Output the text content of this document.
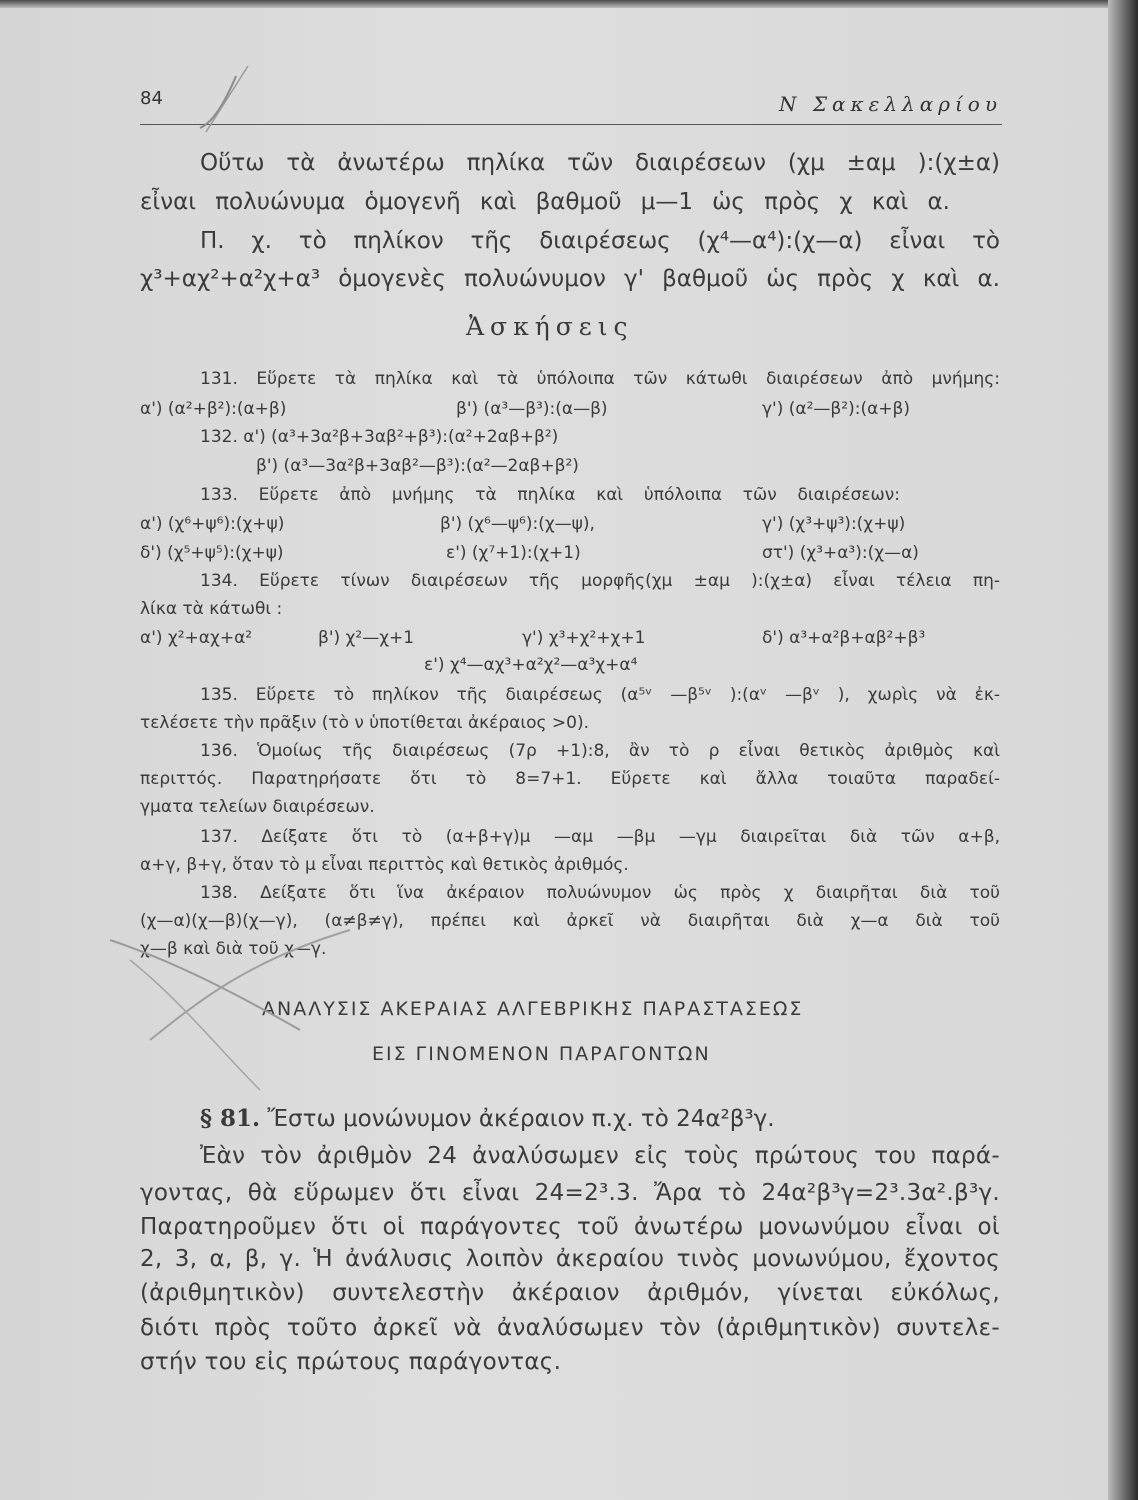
84	Ν Σακελλαρίου
Οὕτω τὰ ἀνωτέρω πηλίκα τῶν διαιρέσεων (χμ ±αμ ):(χ±α)
εἶναι πολυώνυμα ὁμογενῆ καὶ βαθμοῦ μ—1 ὡς πρὸς χ καὶ α.
Π. χ. τὸ πηλίκον τῆς διαιρέσεως (χ⁴—α⁴):(χ—α) εἶναι τὸ
χ³+αχ²+α²χ+α³ ὁμογενὲς πολυώνυμον γ' βαθμοῦ ὡς πρὸς χ καὶ α.
Ἀσκήσεις
131. Εὕρετε τὰ πηλίκα καὶ τὰ ὑπόλοιπα τῶν κάτωθι διαιρέσεων ἀπὸ μνήμης:
α') (α²+β²):(α+β)	β') (α³—β³):(α—β)	γ') (α²—β²):(α+β)
132. α') (α³+3α²β+3αβ²+β³):(α²+2αβ+β²)
β') (α³—3α²β+3αβ²—β³):(α²—2αβ+β²)
133. Εὕρετε ἀπὸ μνήμης τὰ πηλίκα καὶ ὑπόλοιπα τῶν διαιρέσεων:
α') (χ⁶+ψ⁶):(χ+ψ)	β') (χ⁶—ψ⁶):(χ—ψ),	γ') (χ³+ψ³):(χ+ψ)
δ') (χ⁵+ψ⁵):(χ+ψ)	ε') (χ⁷+1):(χ+1)	στ') (χ³+α³):(χ—α)
134. Εὕρετε τίνων διαιρέσεων τῆς μορφῆς(χμ ±αμ ):(χ±α) εἶναι τέλεια πη-
λίκα τὰ κάτωθι :
α') χ²+αχ+α²	β') χ²—χ+1	γ') χ³+χ²+χ+1	δ') α³+α²β+αβ²+β³
ε') χ⁴—αχ³+α²χ²—α³χ+α⁴
135. Εὕρετε τὸ πηλίκον τῆς διαιρέσεως (α⁵ᵛ —β⁵ᵛ ):(αᵛ —βᵛ ), χωρὶς νὰ ἐκ-
τελέσετε τὴν πρᾶξιν (τὸ ν ὑποτίθεται ἀκέραιος >0).
136. Ὁμοίως τῆς διαιρέσεως (7ρ +1):8, ἂν τὸ ρ εἶναι θετικὸς ἀριθμὸς καὶ
περιττός. Παρατηρήσατε ὅτι τὸ 8=7+1. Εὕρετε καὶ ἄλλα τοιαῦτα παραδεί-
γματα τελείων διαιρέσεων.
137. Δείξατε ὅτι τὸ (α+β+γ)μ —αμ —βμ —γμ διαιρεῖται διὰ τῶν α+β,
α+γ, β+γ, ὅταν τὸ μ εἶναι περιττὸς καὶ θετικὸς ἀριθμός.
138. Δείξατε ὅτι ἵνα ἀκέραιον πολυώνυμον ὡς πρὸς χ διαιρῆται διὰ τοῦ
(χ—α)(χ—β)(χ—γ), (α≠β≠γ), πρέπει καὶ ἀρκεῖ νὰ διαιρῆται διὰ χ—α διὰ τοῦ
χ—β καὶ διὰ τοῦ χ—γ.
ΑΝΑΛΥΣΙΣ ΑΚΕΡΑΙΑΣ ΑΛΓΕΒΡΙΚΗΣ ΠΑΡΑΣΤΑΣΕΩΣ
ΕΙΣ ΓΙΝΟΜΕΝΟΝ ΠΑΡΑΓΟΝΤΩΝ
§ 81. Ἔστω μονώνυμον ἀκέραιον π.χ. τὸ 24α²β³γ.
Ἐὰν τὸν ἀριθμὸν 24 ἀναλύσωμεν εἰς τοὺς πρώτους του παρά-
γοντας, θὰ εὕρωμεν ὅτι εἶναι 24=2³.3. Ἄρα τὸ 24α²β³γ=2³.3α².β³γ.
Παρατηροῦμεν ὅτι οἱ παράγοντες τοῦ ἀνωτέρω μονωνύμου εἶναι οἱ
2, 3, α, β, γ. Ἡ ἀνάλυσις λοιπὸν ἀκεραίου τινὸς μονωνύμου, ἔχοντος
(ἀριθμητικὸν) συντελεστὴν ἀκέραιον ἀριθμόν, γίνεται εὐκόλως,
διότι πρὸς τοῦτο ἀρκεῖ νὰ ἀναλύσωμεν τὸν (ἀριθμητικὸν) συντελε-
στήν του εἰς πρώτους παράγοντας.
